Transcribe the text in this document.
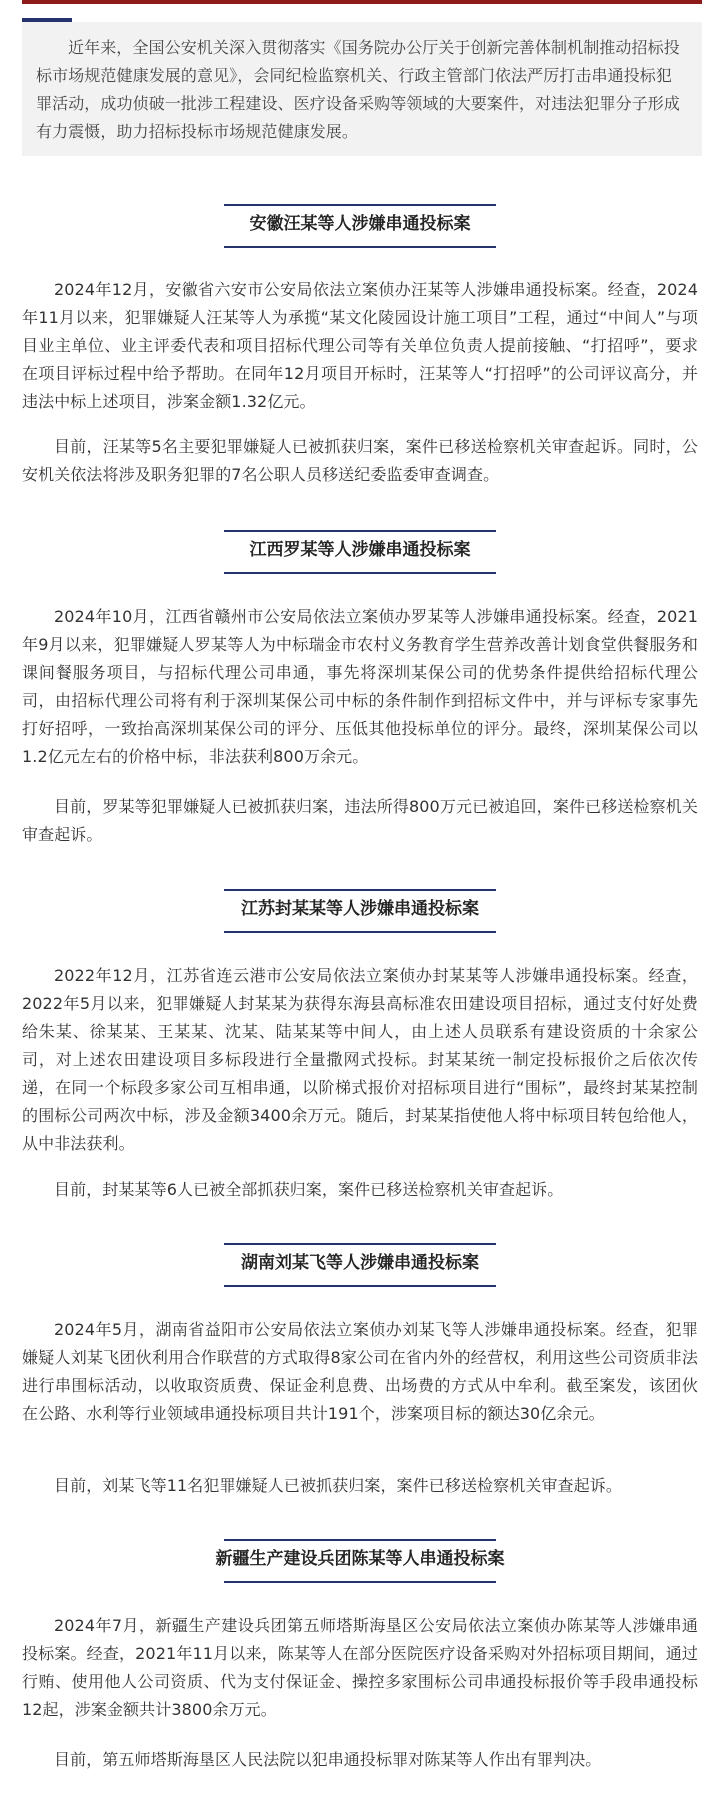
近年来，全国公安机关深入贯彻落实《国务院办公厅关于创新完善体制机制推动招标投标市场规范健康发展的意见》，会同纪检监察机关、行政主管部门依法严厉打击串通投标犯罪活动，成功侦破一批涉工程建设、医疗设备采购等领域的大要案件，对违法犯罪分子形成有力震慑，助力招标投标市场规范健康发展。

安徽汪某等人涉嫌串通投标案

2024年12月，安徽省六安市公安局依法立案侦办汪某等人涉嫌串通投标案。经查，2024年11月以来，犯罪嫌疑人汪某等人为承揽“某文化陵园设计施工项目”工程，通过“中间人”与项目业主单位、业主评委代表和项目招标代理公司等有关单位负责人提前接触、“打招呼”，要求在项目评标过程中给予帮助。在同年12月项目开标时，汪某等人“打招呼”的公司评议高分，并违法中标上述项目，涉案金额1.32亿元。

目前，汪某等5名主要犯罪嫌疑人已被抓获归案，案件已移送检察机关审查起诉。同时，公安机关依法将涉及职务犯罪的7名公职人员移送纪委监委审查调查。

江西罗某等人涉嫌串通投标案

2024年10月，江西省赣州市公安局依法立案侦办罗某等人涉嫌串通投标案。经查，2021年9月以来，犯罪嫌疑人罗某等人为中标瑞金市农村义务教育学生营养改善计划食堂供餐服务和课间餐服务项目，与招标代理公司串通，事先将深圳某保公司的优势条件提供给招标代理公司，由招标代理公司将有利于深圳某保公司中标的条件制作到招标文件中，并与评标专家事先打好招呼，一致抬高深圳某保公司的评分、压低其他投标单位的评分。最终，深圳某保公司以1.2亿元左右的价格中标，非法获利800万余元。

目前，罗某等犯罪嫌疑人已被抓获归案，违法所得800万元已被追回，案件已移送检察机关审查起诉。

江苏封某某等人涉嫌串通投标案

2022年12月，江苏省连云港市公安局依法立案侦办封某某等人涉嫌串通投标案。经查，2022年5月以来，犯罪嫌疑人封某某为获得东海县高标准农田建设项目招标，通过支付好处费给朱某、徐某某、王某某、沈某、陆某某等中间人，由上述人员联系有建设资质的十余家公司，对上述农田建设项目多标段进行全量撒网式投标。封某某统一制定投标报价之后依次传递，在同一个标段多家公司互相串通，以阶梯式报价对招标项目进行“围标”，最终封某某控制的围标公司两次中标，涉及金额3400余万元。随后，封某某指使他人将中标项目转包给他人，从中非法获利。

目前，封某某等6人已被全部抓获归案，案件已移送检察机关审查起诉。

湖南刘某飞等人涉嫌串通投标案

2024年5月，湖南省益阳市公安局依法立案侦办刘某飞等人涉嫌串通投标案。经查，犯罪嫌疑人刘某飞团伙利用合作联营的方式取得8家公司在省内外的经营权，利用这些公司资质非法进行串围标活动，以收取资质费、保证金利息费、出场费的方式从中牟利。截至案发，该团伙在公路、水利等行业领域串通投标项目共计191个，涉案项目标的额达30亿余元。

目前，刘某飞等11名犯罪嫌疑人已被抓获归案，案件已移送检察机关审查起诉。

新疆生产建设兵团陈某等人串通投标案

2024年7月，新疆生产建设兵团第五师塔斯海垦区公安局依法立案侦办陈某等人涉嫌串通投标案。经查，2021年11月以来，陈某等人在部分医院医疗设备采购对外招标项目期间，通过行贿、使用他人公司资质、代为支付保证金、操控多家围标公司串通投标报价等手段串通投标12起，涉案金额共计3800余万元。

目前，第五师塔斯海垦区人民法院以犯串通投标罪对陈某等人作出有罪判决。
